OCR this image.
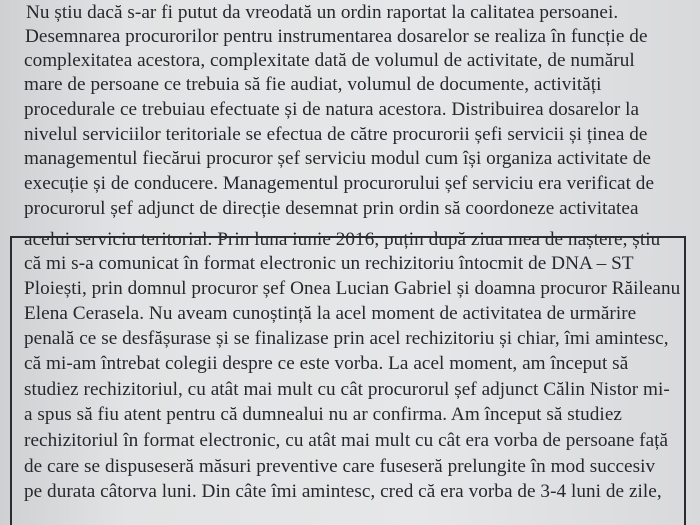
Nu știu dacă s-ar fi putut da vreodată un ordin raportat la calitatea persoanei.
Desemnarea procurorilor pentru instrumentarea dosarelor se realiza în funcție de
complexitatea acestora, complexitate dată de volumul de activitate, de numărul
mare de persoane ce trebuia să fie audiat, volumul de documente, activități
procedurale ce trebuiau efectuate și de natura acestora. Distribuirea dosarelor la
nivelul serviciilor teritoriale se efectua de către procurorii șefi servicii și ținea de
managementul fiecărui procuror șef serviciu modul cum își organiza activitate de
execuție și de conducere. Managementul procurorului șef serviciu era verificat de
procurorul șef adjunct de direcție desemnat prin ordin să coordoneze activitatea
acelui serviciu teritorial. Prin luna iunie 2016, puțin după ziua mea de naștere, știu
că mi s-a comunicat în format electronic un rechizitoriu întocmit de DNA – ST
Ploiești, prin domnul procuror șef Onea Lucian Gabriel și doamna procuror Răileanu
Elena Cerasela. Nu aveam cunoștință la acel moment de activitatea de urmărire
penală ce se desfășurase și se finalizase prin acel rechizitoriu și chiar, îmi amintesc,
că mi-am întrebat colegii despre ce este vorba. La acel moment, am început să
studiez rechizitoriul, cu atât mai mult cu cât procurorul șef adjunct Călin Nistor mi-
a spus să fiu atent pentru că dumnealui nu ar confirma. Am început să studiez
rechizitoriul în format electronic, cu atât mai mult cu cât era vorba de persoane față
de care se dispuseseră măsuri preventive care fuseseră prelungite în mod succesiv
pe durata câtorva luni. Din câte îmi amintesc, cred că era vorba de 3-4 luni de zile,
